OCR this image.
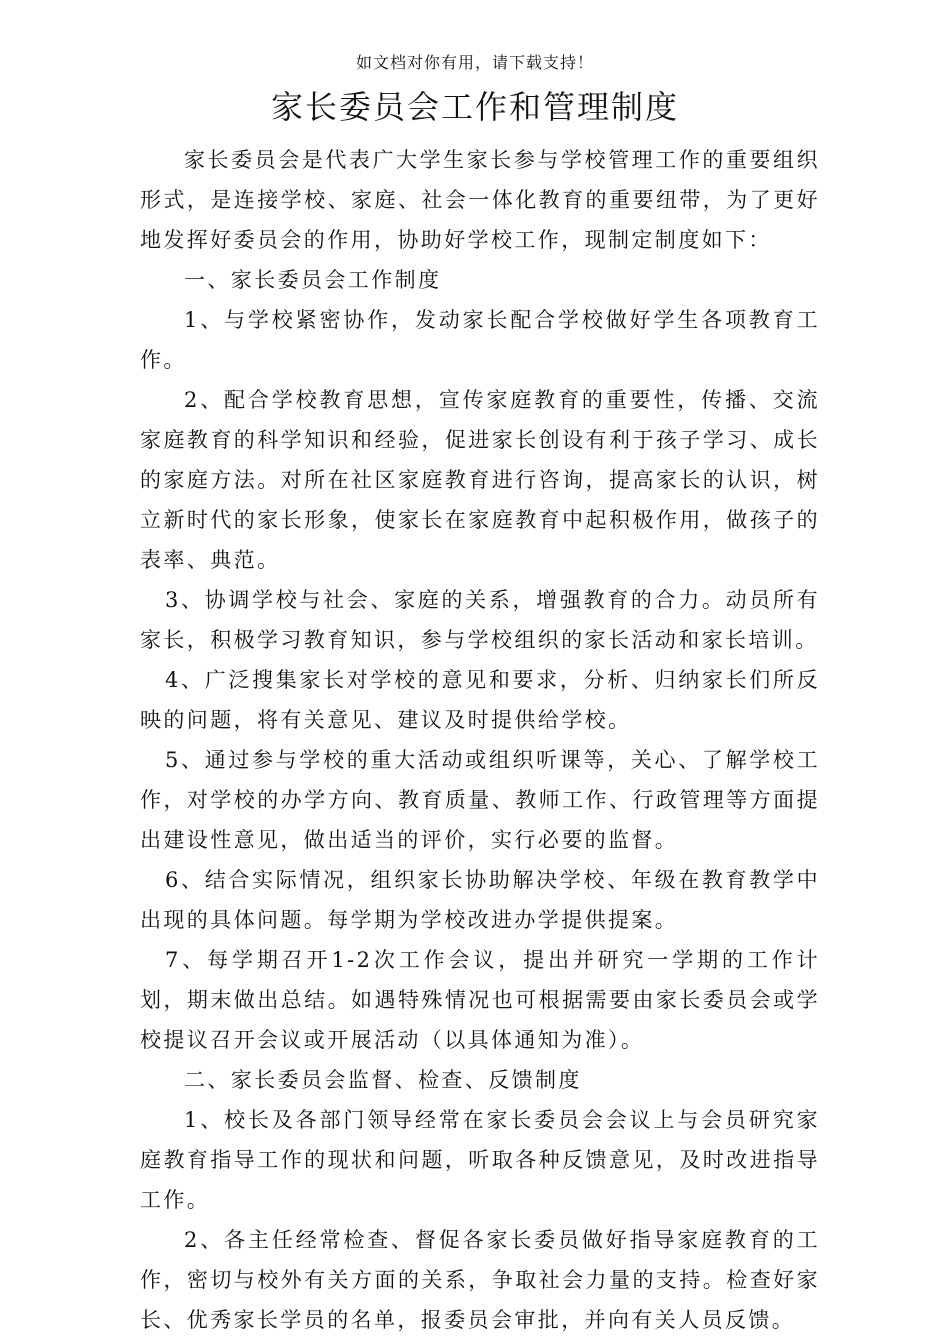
如文档对你有用，请下载支持！
家长委员会工作和管理制度

家长委员会是代表广大学生家长参与学校管理工作的重要组织形式，是连接学校、家庭、社会一体化教育的重要纽带，为了更好地发挥好委员会的作用，协助好学校工作，现制定制度如下：

一、家长委员会工作制度

1、与学校紧密协作，发动家长配合学校做好学生各项教育工作。

2、配合学校教育思想，宣传家庭教育的重要性，传播、交流家庭教育的科学知识和经验，促进家长创设有利于孩子学习、成长的家庭方法。对所在社区家庭教育进行咨询，提高家长的认识，树立新时代的家长形象，使家长在家庭教育中起积极作用，做孩子的表率、典范。

3、协调学校与社会、家庭的关系，增强教育的合力。动员所有家长，积极学习教育知识，参与学校组织的家长活动和家长培训。

4、广泛搜集家长对学校的意见和要求，分析、归纳家长们所反映的问题，将有关意见、建议及时提供给学校。

5、通过参与学校的重大活动或组织听课等，关心、了解学校工作，对学校的办学方向、教育质量、教师工作、行政管理等方面提出建设性意见，做出适当的评价，实行必要的监督。

6、结合实际情况，组织家长协助解决学校、年级在教育教学中出现的具体问题。每学期为学校改进办学提供提案。

7、每学期召开1-2次工作会议，提出并研究一学期的工作计划，期末做出总结。如遇特殊情况也可根据需要由家长委员会或学校提议召开会议或开展活动（以具体通知为准）。

二、家长委员会监督、检查、反馈制度

1、校长及各部门领导经常在家长委员会会议上与会员研究家庭教育指导工作的现状和问题，听取各种反馈意见，及时改进指导工作。

2、各主任经常检查、督促各家长委员做好指导家庭教育的工作，密切与校外有关方面的关系，争取社会力量的支持。检查好家长、优秀家长学员的名单，报委员会审批，并向有关人员反馈。
